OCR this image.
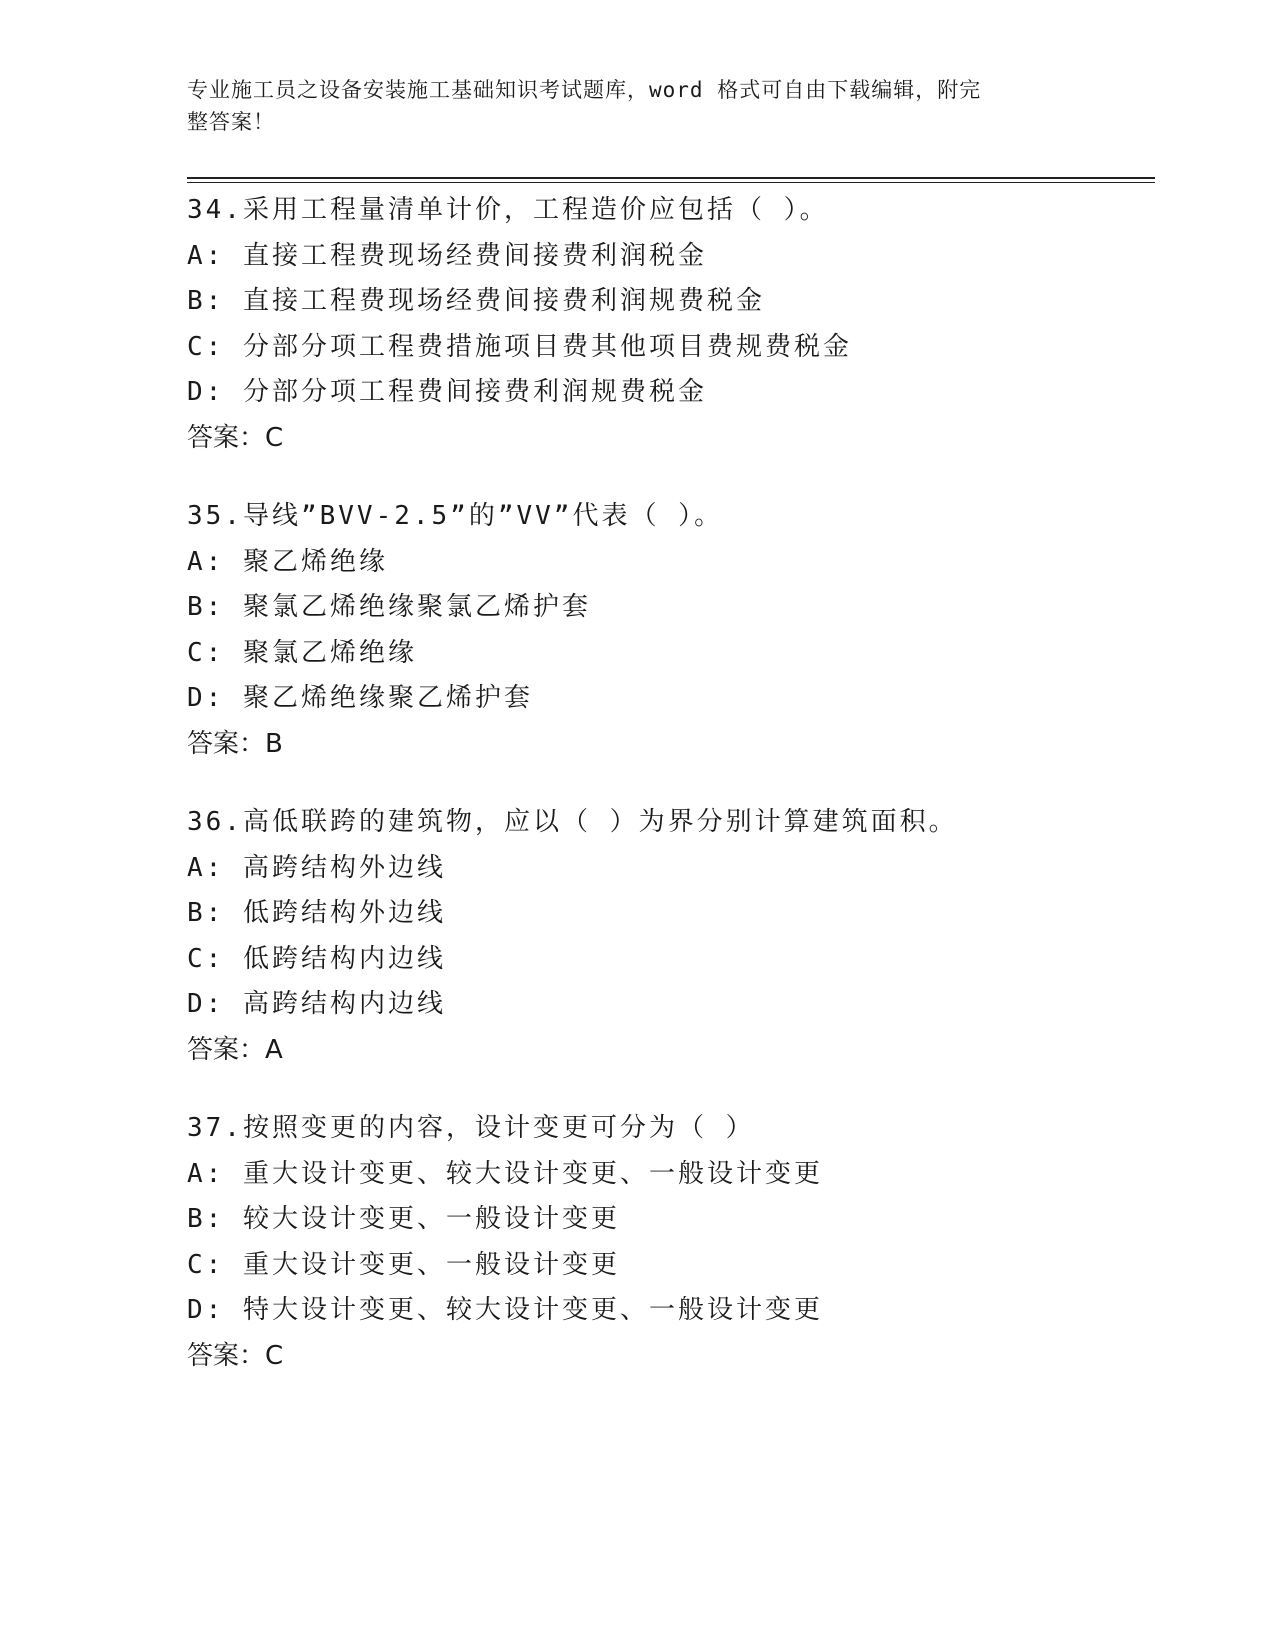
专业施工员之设备安装施工基础知识考试题库，word 格式可自由下载编辑，附完
整答案！
34.采用工程量清单计价，工程造价应包括（ ）。
A: 直接工程费现场经费间接费利润税金
B: 直接工程费现场经费间接费利润规费税金
C: 分部分项工程费措施项目费其他项目费规费税金
D: 分部分项工程费间接费利润规费税金
答案：C
35.导线”BVV-2.5”的”VV”代表（ ）。
A: 聚乙烯绝缘
B: 聚氯乙烯绝缘聚氯乙烯护套
C: 聚氯乙烯绝缘
D: 聚乙烯绝缘聚乙烯护套
答案：B
36.高低联跨的建筑物，应以（ ）为界分别计算建筑面积。
A: 高跨结构外边线
B: 低跨结构外边线
C: 低跨结构内边线
D: 高跨结构内边线
答案：A
37.按照变更的内容，设计变更可分为（ ）
A: 重大设计变更、较大设计变更、一般设计变更
B: 较大设计变更、一般设计变更
C: 重大设计变更、一般设计变更
D: 特大设计变更、较大设计变更、一般设计变更
答案：C
